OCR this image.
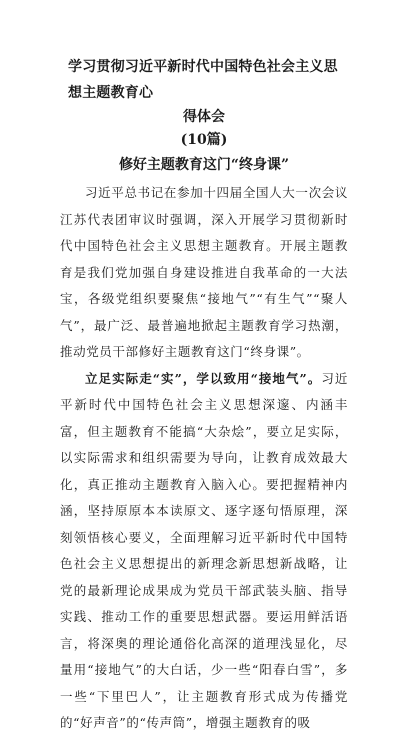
学习贯彻习近平新时代中国特色社会主义思想主题教育心
得体会
(10篇)
修好主题教育这门“终身课”

习近平总书记在参加十四届全国人大一次会议江苏代表团审议时强调，深入开展学习贯彻新时代中国特色社会主义思想主题教育。开展主题教育是我们党加强自身建设推进自我革命的一大法宝，各级党组织要聚焦“接地气”“有生气”“聚人气”，最广泛、最普遍地掀起主题教育学习热潮，推动党员干部修好主题教育这门“终身课”。

立足实际走“实”，学以致用“接地气”。习近平新时代中国特色社会主义思想深邃、内涵丰富，但主题教育不能搞“大杂烩”，要立足实际，以实际需求和组织需要为导向，让教育成效最大化，真正推动主题教育入脑入心。要把握精神内涵，坚持原原本本读原文、逐字逐句悟原理，深刻领悟核心要义，全面理解习近平新时代中国特色社会主义思想提出的新理念新思想新战略，让党的最新理论成果成为党员干部武装头脑、指导实践、推动工作的重要思想武器。要运用鲜活语言，将深奥的理论通俗化高深的道理浅显化，尽量用“接地气”的大白话，少一些“阳春白雪”，多一些“下里巴人”，让主题教育形式成为传播党的“好声音”的“传声筒”，增强主题教育的吸
